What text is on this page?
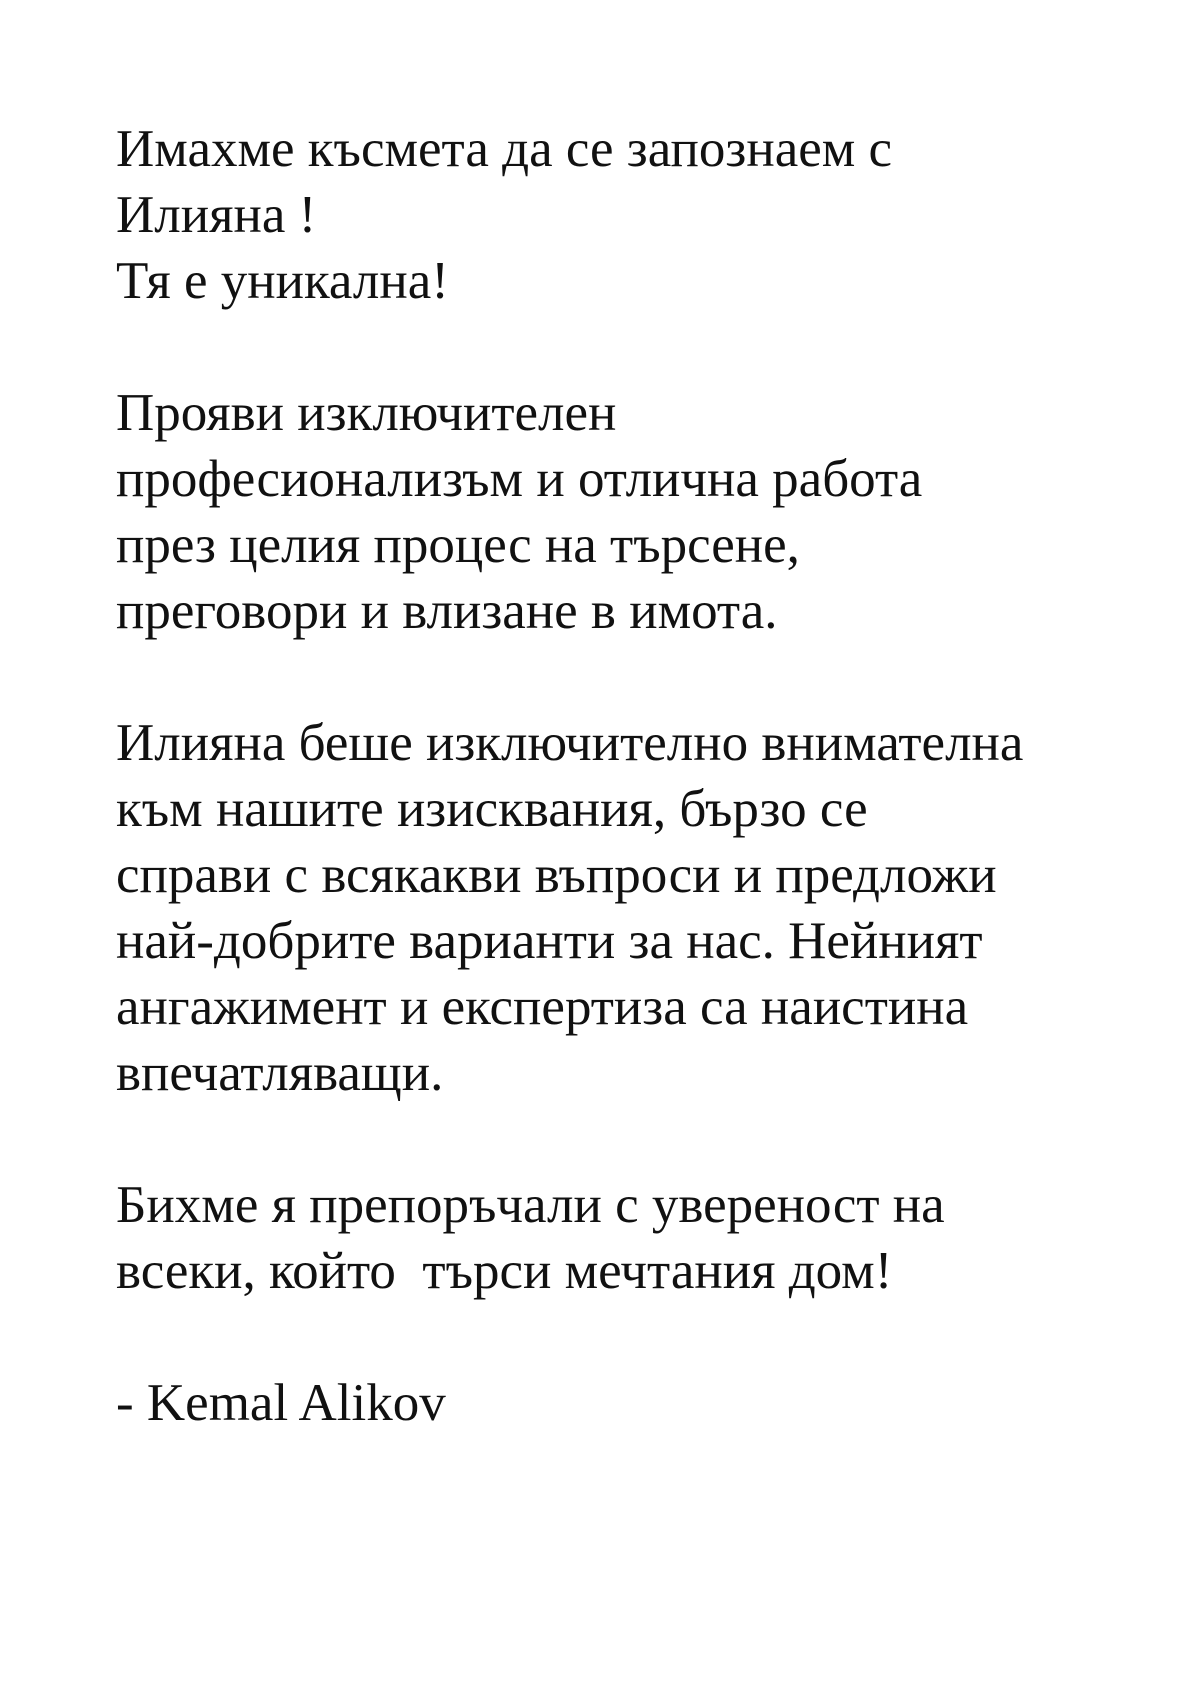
Имахме късмета да се запознаем с
Илияна !
Тя е уникална!

Прояви изключителен
професионализъм и отлична работа
през целия процес на търсене,
преговори и влизане в имота.

Илияна беше изключително внимателна
към нашите изисквания, бързо се
справи с всякакви въпроси и предложи
най-добрите варианти за нас. Нейният
ангажимент и експертиза са наистина
впечатляващи.

Бихме я препоръчали с увереност на
всеки, който  търси мечтания дом!

- Kemal Alikov
